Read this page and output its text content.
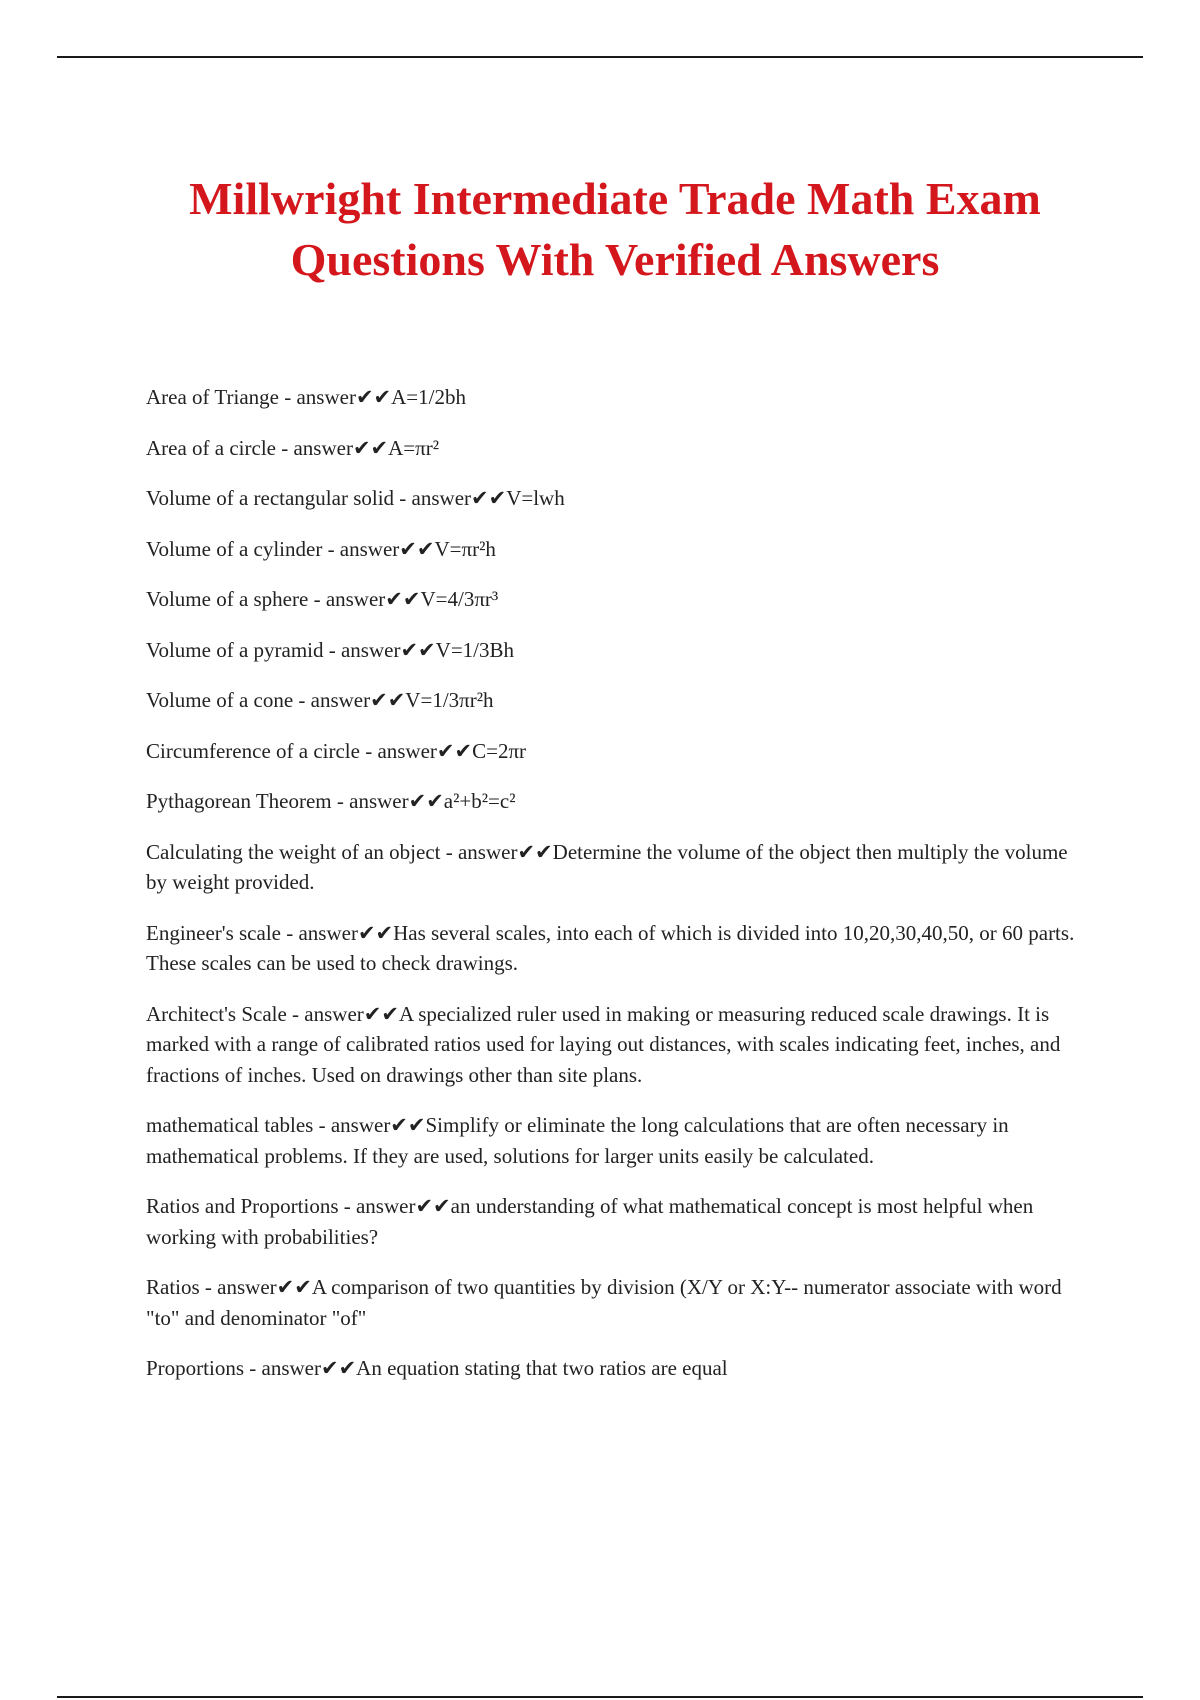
Millwright Intermediate Trade Math Exam
Questions With Verified Answers

Area of Triange - answer✔✔A=1/2bh

Area of a circle - answer✔✔A=πr²

Volume of a rectangular solid - answer✔✔V=lwh

Volume of a cylinder - answer✔✔V=πr²h

Volume of a sphere - answer✔✔V=4/3πr³

Volume of a pyramid - answer✔✔V=1/3Bh

Volume of a cone - answer✔✔V=1/3πr²h

Circumference of a circle - answer✔✔C=2πr

Pythagorean Theorem - answer✔✔a²+b²=c²

Calculating the weight of an object - answer✔✔Determine the volume of the object then multiply the volume by weight provided.

Engineer's scale - answer✔✔Has several scales, into each of which is divided into 10,20,30,40,50, or 60 parts. These scales can be used to check drawings.

Architect's Scale - answer✔✔A specialized ruler used in making or measuring reduced scale drawings. It is marked with a range of calibrated ratios used for laying out distances, with scales indicating feet, inches, and fractions of inches. Used on drawings other than site plans.

mathematical tables - answer✔✔Simplify or eliminate the long calculations that are often necessary in mathematical problems. If they are used, solutions for larger units easily be calculated.

Ratios and Proportions - answer✔✔an understanding of what mathematical concept is most helpful when working with probabilities?

Ratios - answer✔✔A comparison of two quantities by division (X/Y or X:Y-- numerator associate with word "to" and denominator "of"

Proportions - answer✔✔An equation stating that two ratios are equal
